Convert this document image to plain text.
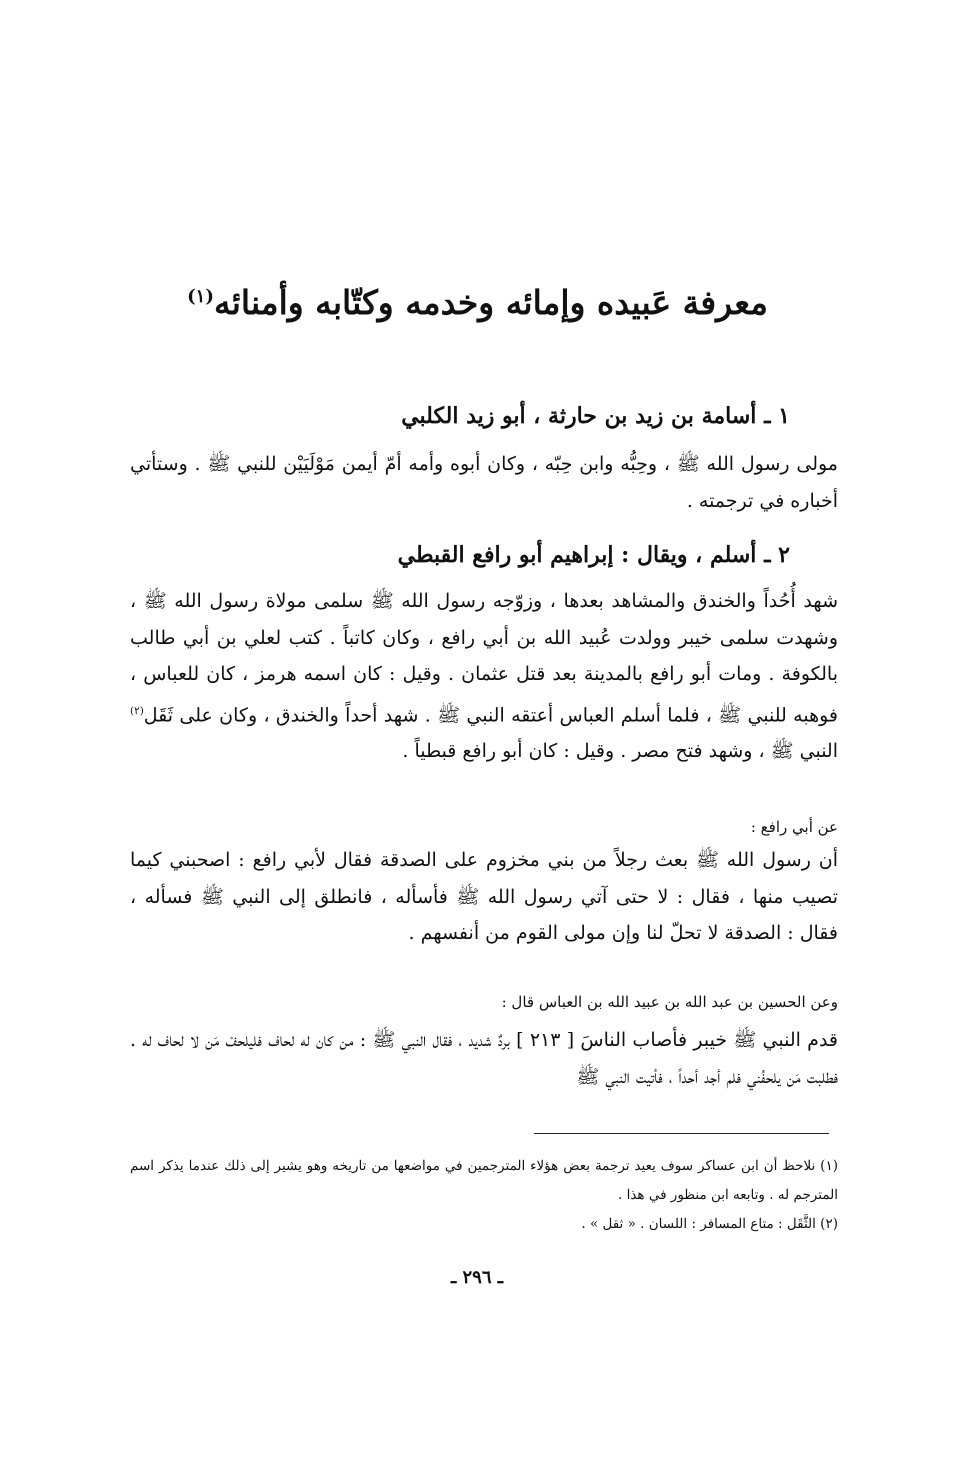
معرفة عَبيده وإمائه وخدمه وكتّابه وأمنائه$^{(١)}$
١ ـ أسامة بن زيد بن حارثة ، أبو زيد الكلبي

مولى رسول الله ﷺ ، وحِبُّه وابن حِبّه ، وكان أبوه وأمه أمّ أيمن مَوْلَيَيْن للنبي ﷺ . وستأتي أخباره في ترجمته .

٢ ـ أسلم ، ويقال : إبراهيم أبو رافع القبطي

شهد أُحُداً والخندق والمشاهد بعدها ، وزوّجه رسول الله ﷺ سلمى مولاة رسول الله ﷺ ، وشهدت سلمى خيبر وولدت عُبيد الله بن أبي رافع ، وكان كاتباً . كتب لعلي بن أبي طالب بالكوفة . ومات أبو رافع بالمدينة بعد قتل عثمان . وقيل : كان اسمه هرمز ، كان للعباس ، فوهبه للنبي ﷺ ، فلما أسلم العباس أعتقه النبي ﷺ . شهد أحداً والخندق ، وكان على ثَقَل$^{(٢)}$ النبي ﷺ ، وشهد فتح مصر . وقيل : كان أبو رافع قبطياً .

عن أبي رافع :

أن رسول الله ﷺ بعث رجلاً من بني مخزوم على الصدقة فقال لأبي رافع : اصحبني كيما تصيب منها ، فقال : لا حتى آتي رسول الله ﷺ فأسأله ، فانطلق إلى النبي ﷺ فسأله ، فقال : الصدقة لا تحلّ لنا وإن مولى القوم من أنفسهم .

وعن الحسين بن عبد الله بن عبيد الله بن العباس قال :

قدم النبي ﷺ خيبر فأصاب الناسَ [ ٢١٣ ] بردٌ شديد ، فقال النبي ﷺ : من كان له لحاف فليلحفْ مَن لا لحاف له . فطلبت مَن يلحفُني فلم أجد أحداً ، فأتيت النبي ﷺ

(١) نلاحظ أن ابن عساكر سوف يعيد ترجمة بعض هؤلاء المترجمين في مواضعها من تاريخه وهو يشير إلى ذلك عندما يذكر اسم المترجم له . وتابعه ابن منظور في هذا .

(٢) الثَّقَل : متاع المسافر : اللسان . « ثقل » .

ـ ٢٩٦ ـ
